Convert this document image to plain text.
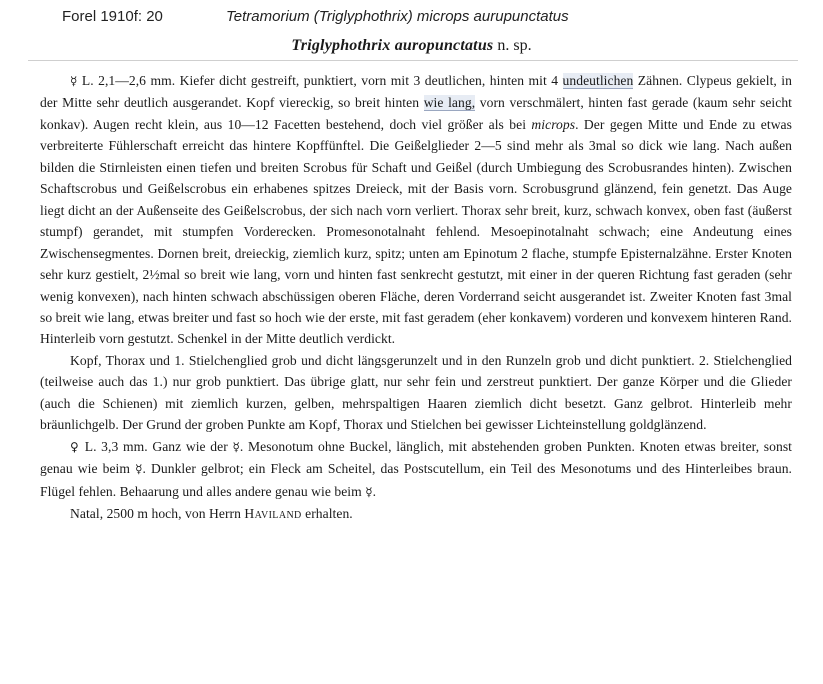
Forel 1910f: 20	Tetramorium (Triglyphothrix) microps aurupunctatus
Triglyphothrix auropunctatus n. sp.

☿ L. 2,1—2,6 mm. Kiefer dicht gestreift, punktiert, vorn mit 3 deutlichen, hinten mit 4 undeutlichen Zähnen. Clypeus gekielt, in der Mitte sehr deutlich ausgerandet. Kopf viereckig, so breit hinten wie lang, vorn verschmälert, hinten fast gerade (kaum sehr seicht konkav). Augen recht klein, aus 10—12 Facetten bestehend, doch viel größer als bei microps. Der gegen Mitte und Ende zu etwas verbreiterte Fühlerschaft erreicht das hintere Kopffünftel. Die Geißelglieder 2—5 sind mehr als 3mal so dick wie lang. Nach außen bilden die Stirnleisten einen tiefen und breiten Scrobus für Schaft und Geißel (durch Umbiegung des Scrobusrandes hinten). Zwischen Schaftscrobus und Geißelscrobus ein erhabenes spitzes Dreieck, mit der Basis vorn. Scrobusgrund glänzend, fein genetzt. Das Auge liegt dicht an der Außenseite des Geißelscrobus, der sich nach vorn verliert. Thorax sehr breit, kurz, schwach konvex, oben fast (äußerst stumpf) gerandet, mit stumpfen Vorderecken. Promesonotalnaht fehlend. Mesoepinotalnaht schwach; eine Andeutung eines Zwischensegmentes. Dornen breit, dreieckig, ziemlich kurz, spitz; unten am Epinotum 2 flache, stumpfe Episternalzähne. Erster Knoten sehr kurz gestielt, 2½mal so breit wie lang, vorn und hinten fast senkrecht gestutzt, mit einer in der queren Richtung fast geraden (sehr wenig konvexen), nach hinten schwach abschüssigen oberen Fläche, deren Vorderrand seicht ausgerandet ist. Zweiter Knoten fast 3mal so breit wie lang, etwas breiter und fast so hoch wie der erste, mit fast geradem (eher konkavem) vorderen und konvexem hinteren Rand. Hinterleib vorn gestutzt. Schenkel in der Mitte deutlich verdickt.

Kopf, Thorax und 1. Stielchenglied grob und dicht längsgerunzelt und in den Runzeln grob und dicht punktiert. 2. Stielchenglied (teilweise auch das 1.) nur grob punktiert. Das übrige glatt, nur sehr fein und zerstreut punktiert. Der ganze Körper und die Glieder (auch die Schienen) mit ziemlich kurzen, gelben, mehrspaltigen Haaren ziemlich dicht besetzt. Ganz gelbrot. Hinterleib mehr bräunlichgelb. Der Grund der groben Punkte am Kopf, Thorax und Stielchen bei gewisser Lichteinstellung goldglänzend.

♀ L. 3,3 mm. Ganz wie der ☿. Mesonotum ohne Buckel, länglich, mit abstehenden groben Punkten. Knoten etwas breiter, sonst genau wie beim ☿. Dunkler gelbrot; ein Fleck am Scheitel, das Postscutellum, ein Teil des Mesonotums und des Hinterleibes braun. Flügel fehlen. Behaarung und alles andere genau wie beim ☿.

Natal, 2500 m hoch, von Herrn Haviland erhalten.
